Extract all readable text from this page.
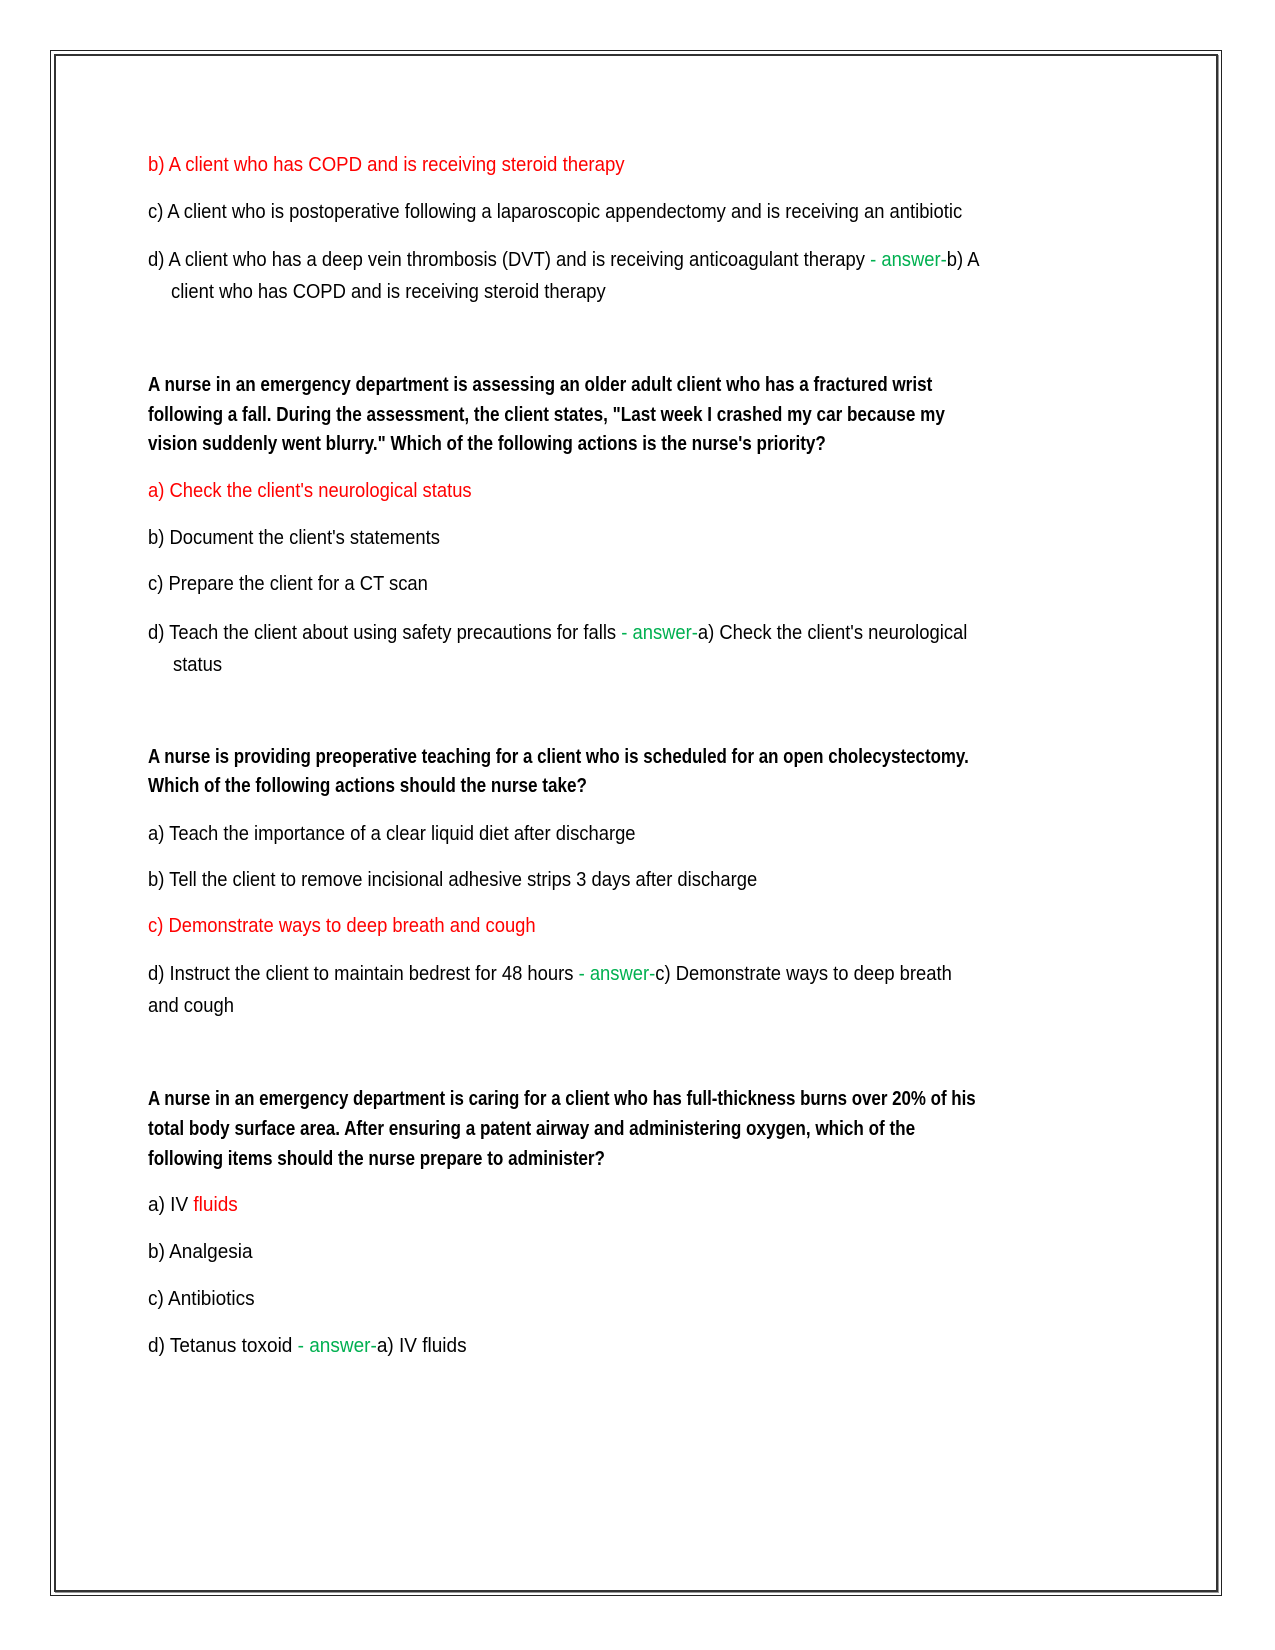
b) A client who has COPD and is receiving steroid therapy
c) A client who is postoperative following a laparoscopic appendectomy and is receiving an antibiotic
d) A client who has a deep vein thrombosis (DVT) and is receiving anticoagulant therapy - answer-b) A
client who has COPD and is receiving steroid therapy
A nurse in an emergency department is assessing an older adult client who has a fractured wrist
following a fall. During the assessment, the client states, "Last week I crashed my car because my
vision suddenly went blurry." Which of the following actions is the nurse's priority?
a) Check the client's neurological status
b) Document the client's statements
c) Prepare the client for a CT scan
d) Teach the client about using safety precautions for falls - answer-a) Check the client's neurological
status
A nurse is providing preoperative teaching for a client who is scheduled for an open cholecystectomy.
Which of the following actions should the nurse take?
a) Teach the importance of a clear liquid diet after discharge
b) Tell the client to remove incisional adhesive strips 3 days after discharge
c) Demonstrate ways to deep breath and cough
d) Instruct the client to maintain bedrest for 48 hours - answer-c) Demonstrate ways to deep breath
and cough
A nurse in an emergency department is caring for a client who has full-thickness burns over 20% of his
total body surface area. After ensuring a patent airway and administering oxygen, which of the
following items should the nurse prepare to administer?
a) IV fluids
b) Analgesia
c) Antibiotics
d) Tetanus toxoid - answer-a) IV fluids
